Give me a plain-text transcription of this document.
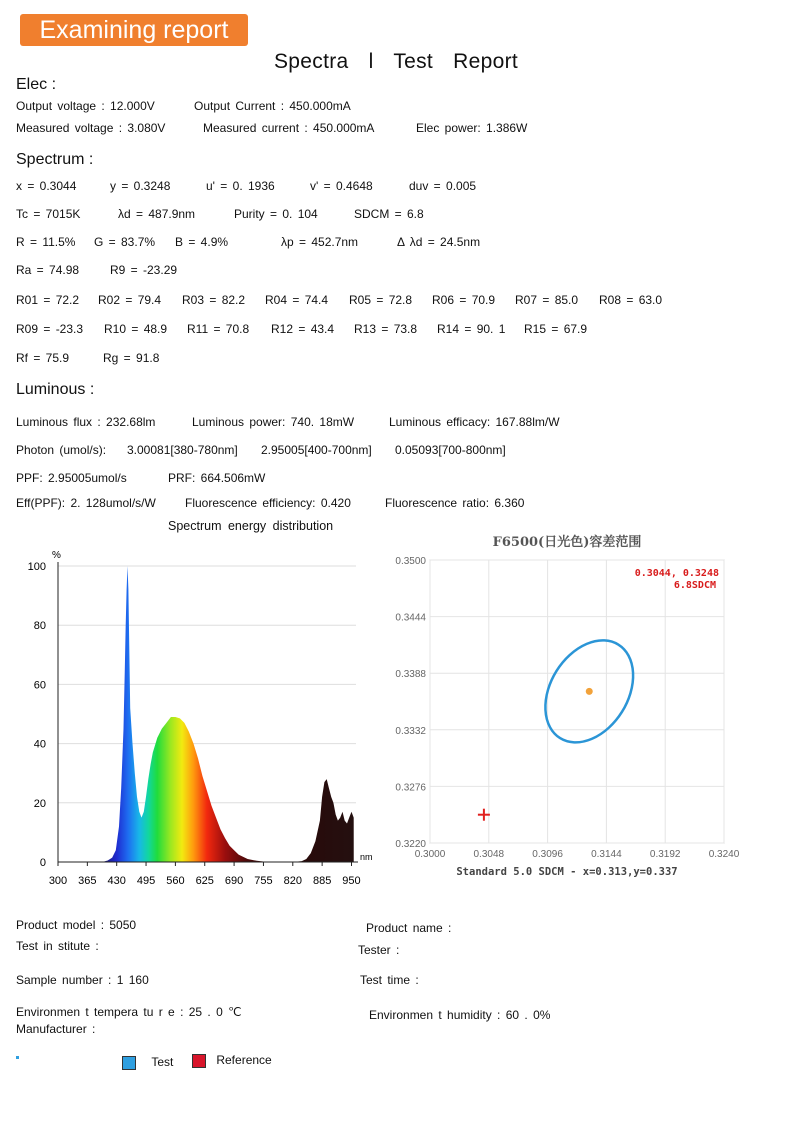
Examining report
Spectra l Test Report
Elec :
Output voltage : 12.000V	Output Current : 450.000mA
Measured voltage : 3.080V	Measured current : 450.000mA	Elec power: 1.386W
Spectrum :
x = 0.3044	y = 0.3248	u' = 0. 1936	v' = 0.4648	duv = 0.005
Tc = 7015K	λd = 487.9nm	Purity = 0. 104	SDCM = 6.8
R = 11.5% G = 83.7% B = 4.9%	λp = 452.7nm	Δ λd = 24.5nm
Ra = 74.98	R9 = -23.29
R01 = 72.2 R02 = 79.4 R03 = 82.2 R04 = 74.4 R05 = 72.8 R06 = 70.9 R07 = 85.0 R08 = 63.0
R09 = -23.3 R10 = 48.9 R11 = 70.8 R12 = 43.4 R13 = 73.8 R14 = 90. 1 R15 = 67.9
Rf = 75.9	Rg = 91.8
Luminous :
Luminous flux : 232.68lm	Luminous power: 740. 18mW	Luminous efficacy: 167.88lm/W
Photon (umol/s): 3.00081[380-780nm] 2.95005[400-700nm] 0.05093[700-800nm]
PPF: 2.95005umol/s	PRF: 664.506mW
Eff(PPF): 2. 128umol/s/W Fluorescence efficiency: 0.420	Fluorescence ratio: 6.360
Spectrum energy distribution
0
20
40
60
80
100
300 365 430 495 560 625 690 755 820 885 950
%
nm
F6500(日光色)容差范围
0.3000	0.3048	0.3096	0.3144	0.3192	0.3240
0.3500
0.3444
0.3388
0.3332
0.3276
0.3220
0.3044, 0.3248
6.8SDCM
Standard 5.0 SDCM - x=0.313,y=0.337
Product model : 5050	Product name :
Test in stitute :	Tester :
Sample number : 1 160	Test time :
Environmen t tempera tu r e : 25 . 0 ℃	Environmen t humidity : 60 . 0%
Manufacturer :
Test	Reference
